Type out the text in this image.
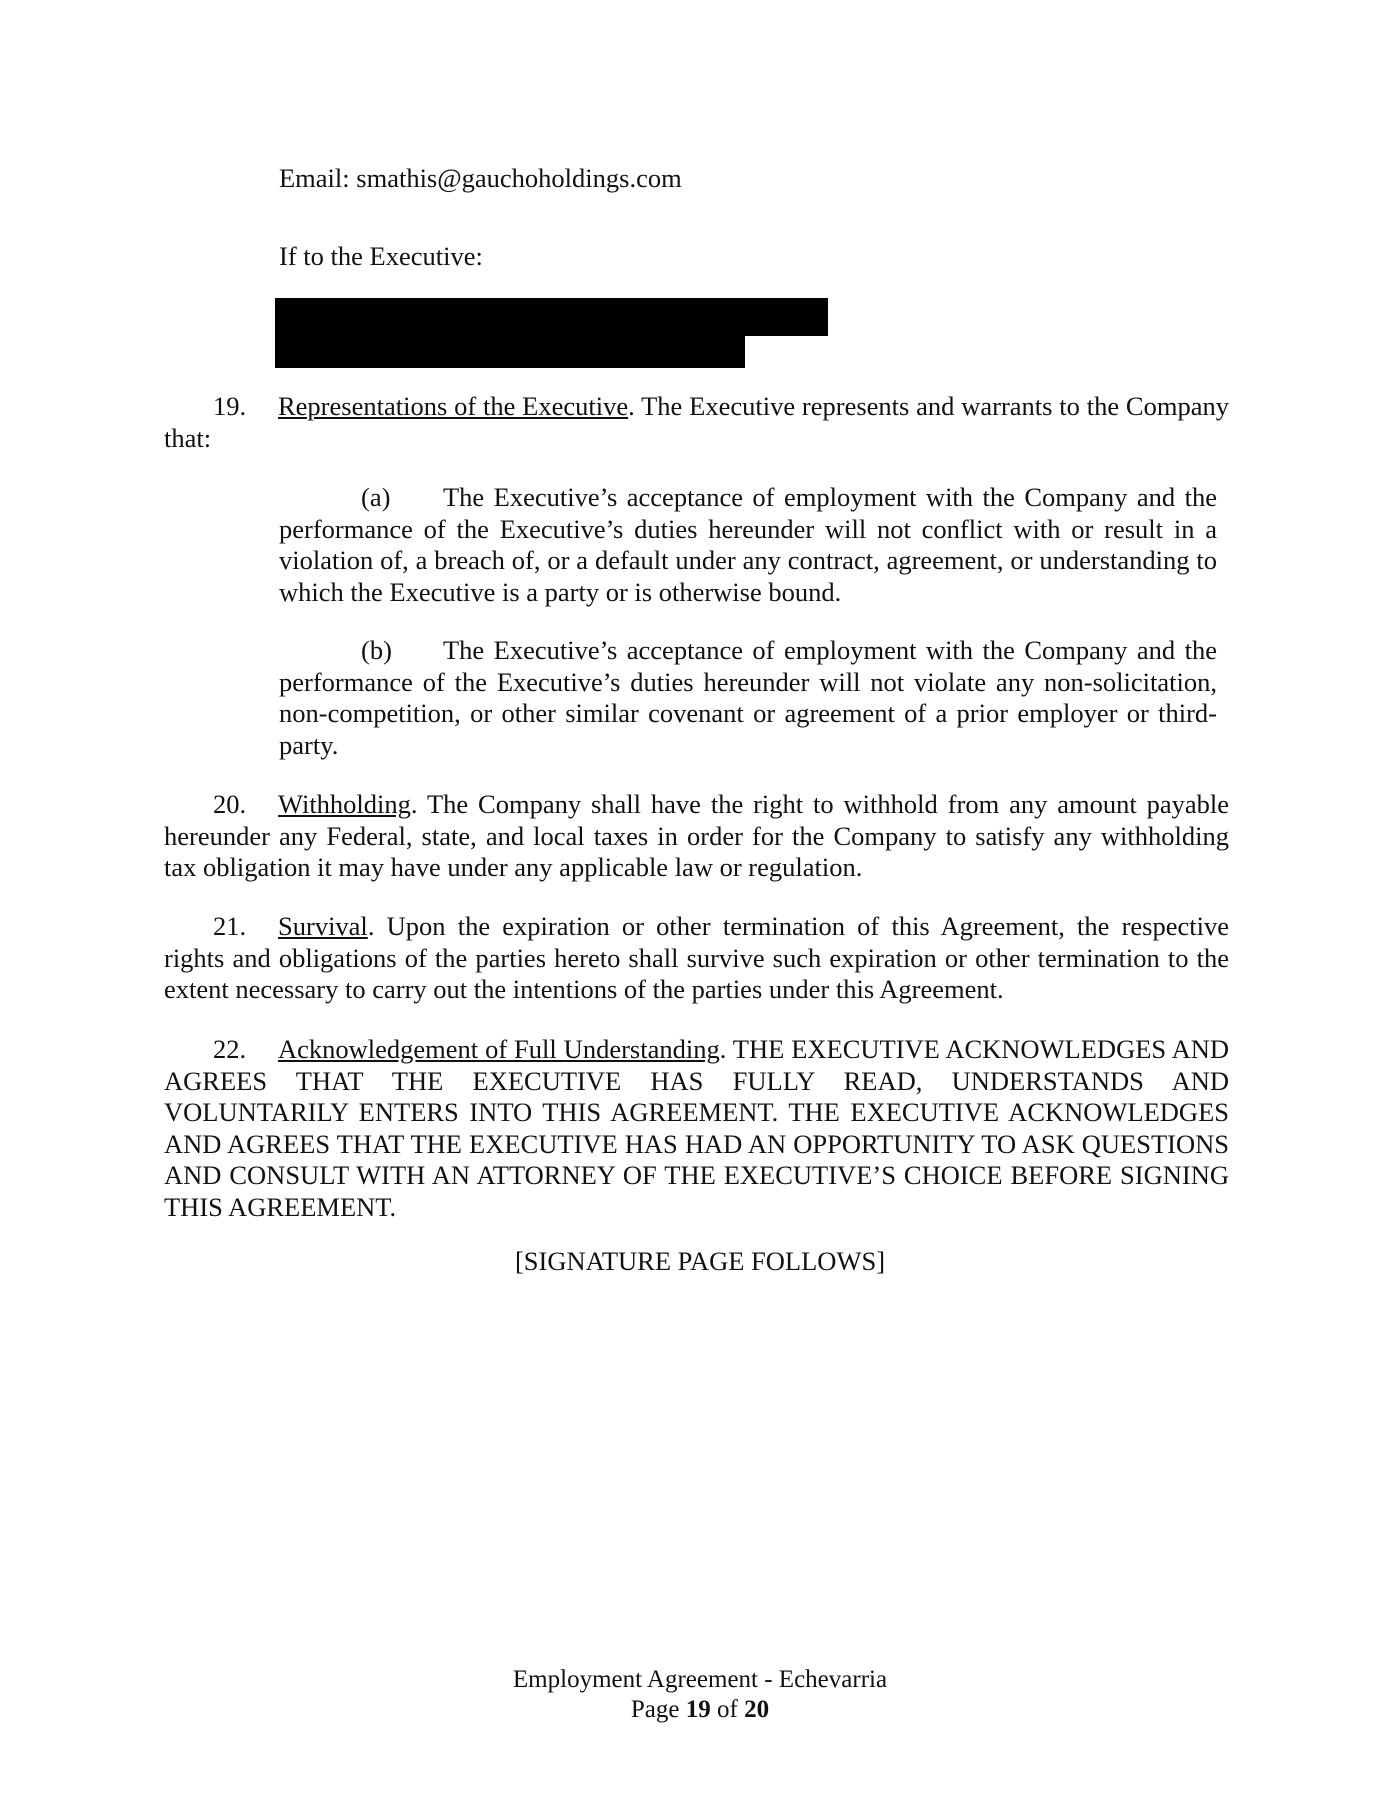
Email: smathis@gauchoholdings.com
If to the Executive:
19. Representations of the Executive. The Executive represents and warrants to the Company that:
(a) The Executive’s acceptance of employment with the Company and the performance of the Executive’s duties hereunder will not conflict with or result in a violation of, a breach of, or a default under any contract, agreement, or understanding to which the Executive is a party or is otherwise bound.
(b) The Executive’s acceptance of employment with the Company and the performance of the Executive’s duties hereunder will not violate any non-solicitation, non-competition, or other similar covenant or agreement of a prior employer or third-party.
20. Withholding. The Company shall have the right to withhold from any amount payable hereunder any Federal, state, and local taxes in order for the Company to satisfy any withholding tax obligation it may have under any applicable law or regulation.
21. Survival. Upon the expiration or other termination of this Agreement, the respective rights and obligations of the parties hereto shall survive such expiration or other termination to the extent necessary to carry out the intentions of the parties under this Agreement.
22. Acknowledgement of Full Understanding. THE EXECUTIVE ACKNOWLEDGES AND AGREES THAT THE EXECUTIVE HAS FULLY READ, UNDERSTANDS AND VOLUNTARILY ENTERS INTO THIS AGREEMENT. THE EXECUTIVE ACKNOWLEDGES AND AGREES THAT THE EXECUTIVE HAS HAD AN OPPORTUNITY TO ASK QUESTIONS AND CONSULT WITH AN ATTORNEY OF THE EXECUTIVE’S CHOICE BEFORE SIGNING THIS AGREEMENT.
[SIGNATURE PAGE FOLLOWS]
Employment Agreement - Echevarria
Page 19 of 20
